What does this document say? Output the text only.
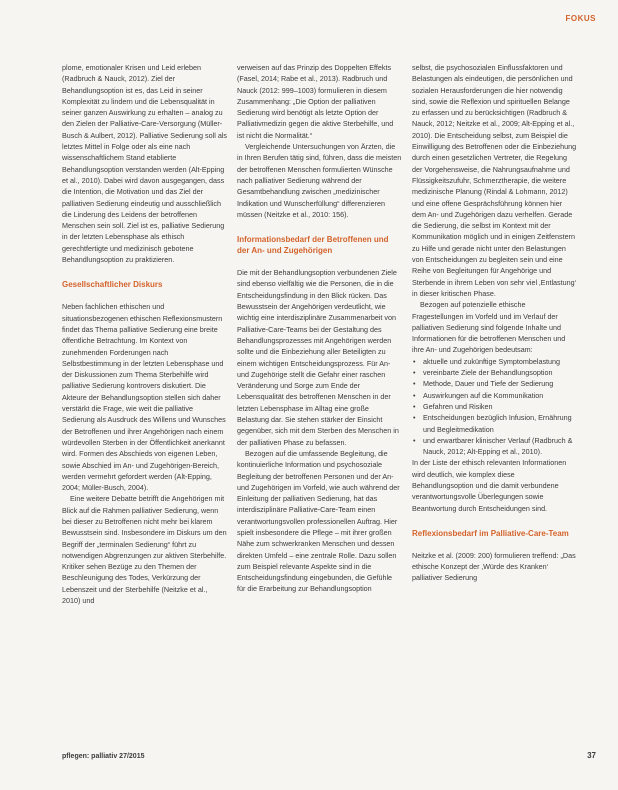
FOKUS

plome, emotionaler Krisen und Leid erleben (Radbruch & Nauck, 2012). Ziel der Behandlungsoption ist es, das Leid in seiner Komplexität zu lindern und die Lebensqualität in seiner ganzen Auswirkung zu erhalten – analog zu den Zielen der Palliative-Care-Versorgung (Müller-Busch & Aulbert, 2012). Palliative Sedierung soll als letztes Mittel in Folge oder als eine nach wissenschaftlichem Stand etablierte Behandlungsoption verstanden werden (Alt-Epping et al., 2010). Dabei wird davon ausgegangen, dass die Intention, die Motivation und das Ziel der palliativen Sedierung eindeutig und ausschließlich die Linderung des Leidens der betroffenen Menschen sein soll. Ziel ist es, palliative Sedierung in der letzten Lebensphase als ethisch gerechtfertigte und medizinisch gebotene Behandlungsoption zu praktizieren.

Gesellschaftlicher Diskurs

Neben fachlichen ethischen und situationsbezogenen ethischen Reflexionsmustern findet das Thema palliative Sedierung eine breite öffentliche Betrachtung. Im Kontext von zunehmenden Forderungen nach Selbstbestimmung in der letzten Lebensphase und der Diskussionen zum Thema Sterbehilfe wird palliative Sedierung kontrovers diskutiert. Die Akteure der Behandlungsoption stellen sich daher verstärkt die Frage, wie weit die palliative Sedierung als Ausdruck des Willens und Wunsches der Betroffenen und ihrer Angehörigen nach einem würdevollen Sterben in der Öffentlichkeit anerkannt wird. Formen des Abschieds von eigenen Leben, sowie Abschied im An- und Zugehörigen-Bereich, werden vermehrt gefordert werden (Alt-Epping, 2004; Müller-Busch, 2004).

Eine weitere Debatte betrifft die Angehörigen mit Blick auf die Rahmen palliativer Sedierung, wenn bei dieser zu Betroffenen nicht mehr bei klarem Bewusstsein sind. Insbesondere im Diskurs um den Begriff der „terminalen Sedierung“ führt zu notwendigen Abgrenzungen zur aktiven Sterbehilfe. Kritiker sehen Bezüge zu den Themen der Beschleunigung des Todes, Verkürzung der Lebenszeit und der Sterbehilfe (Neitzke et al., 2010) und

verweisen auf das Prinzip des Doppelten Effekts (Fasel, 2014; Rabe et al., 2013). Radbruch und Nauck (2012: 999–1003) formulieren in diesem Zusammenhang: „Die Option der palliativen Sedierung wird benötigt als letzte Option der Palliativmedizin gegen die aktive Sterbehilfe, und ist nicht die Normalität.“

Vergleichende Untersuchungen von Ärzten, die in Ihren Berufen tätig sind, führen, dass die meisten der betroffenen Menschen formulierten Wünsche nach palliativer Sedierung während der Gesamtbehandlung zwischen „medizinischer Indikation und Wunscherfüllung“ differenzieren müssen (Neitzke et al., 2010: 156).

Informationsbedarf der Betroffenen und der An- und Zugehörigen

Die mit der Behandlungsoption verbundenen Ziele sind ebenso vielfältig wie die Personen, die in die Entscheidungsfindung in den Blick rücken. Das Bewusstsein der Angehörigen verdeutlicht, wie wichtig eine interdisziplinäre Zusammenarbeit von Palliative-Care-Teams bei der Gestaltung des Behandlungsprozesses mit Angehörigen werden sollte und die Einbeziehung aller Beteiligten zu einem wichtigen Entscheidungsprozess. Für An- und Zugehörige stellt die Gefahr einer raschen Veränderung und Sorge zum Ende der Lebensqualität des betroffenen Menschen in der letzten Lebensphase im Alltag eine große Belastung dar. Sie stehen stärker der Einsicht gegenüber, sich mit dem Sterben des Menschen in der palliativen Phase zu befassen.

Bezogen auf die umfassende Begleitung, die kontinuierliche Information und psychosoziale Begleitung der betroffenen Personen und der An- und Zugehörigen im Vorfeld, wie auch während der Einleitung der palliativen Sedierung, hat das interdisziplinäre Palliative-Care-Team einen verantwortungsvollen professionellen Auftrag. Hier spielt insbesondere die Pflege – mit ihrer großen Nähe zum schwerkranken Menschen und dessen direkten Umfeld – eine zentrale Rolle. Dazu sollen zum Beispiel relevante Aspekte sind in die Entscheidungsfindung eingebunden, die Gefühle für die Erarbeitung zur Behandlungsoption

selbst, die psychosozialen Einflussfaktoren und Belastungen als eindeutigen, die persönlichen und sozialen Herausforderungen die hier notwendig sind, sowie die Reflexion und spirituellen Belange zu erfassen und zu berücksichtigen (Radbruch & Nauck, 2012; Neitzke et al., 2009; Alt-Epping et al., 2010). Die Entscheidung selbst, zum Beispiel die Einwilligung des Betroffenen oder die Einbeziehung durch einen gesetzlichen Vertreter, die Regelung der Vorgehensweise, die Nahrungsaufnahme und Flüssigkeitszufuhr, Schmerztherapie, die weitere medizinische Planung (Rindal & Lohmann, 2012) und eine offene Gesprächsführung können hier dem An- und Zugehörigen dazu verhelfen. Gerade die Sedierung, die selbst im Kontext mit der Kommunikation möglich und in einigen Zeitfenstern zu Hilfe und gerade nicht unter den Belastungen von Entscheidungen zu begleiten sein und eine Reihe von Begleitungen für Angehörige und Sterbende in ihrem Leben von sehr viel ‚Entlastung‘ in dieser kritischen Phase.

Bezogen auf potenzielle ethische Fragestellungen im Vorfeld und im Verlauf der palliativen Sedierung sind folgende Inhalte und Informationen für die betroffenen Menschen und ihre An- und Zugehörigen bedeutsam:

• aktuelle und zukünftige Symptombelastung
• vereinbarte Ziele der Behandlungsoption
• Methode, Dauer und Tiefe der Sedierung
• Auswirkungen auf die Kommunikation
• Gefahren und Risiken
• Entscheidungen bezüglich Infusion, Ernährung und Begleitmedikation
• und erwartbarer klinischer Verlauf (Radbruch & Nauck, 2012; Alt-Epping et al., 2010).

In der Liste der ethisch relevanten Informationen wird deutlich, wie komplex diese Behandlungsoption und die damit verbundene verantwortungsvolle Überlegungen sowie Beantwortung durch Entscheidungen sind.

Reflexionsbedarf im Palliative-Care-Team

Neitzke et al. (2009: 200) formulieren treffend: „Das ethische Konzept der ‚Würde des Kranken‘ palliativer Sedierung

pflegen: palliativ 27/2015	37
